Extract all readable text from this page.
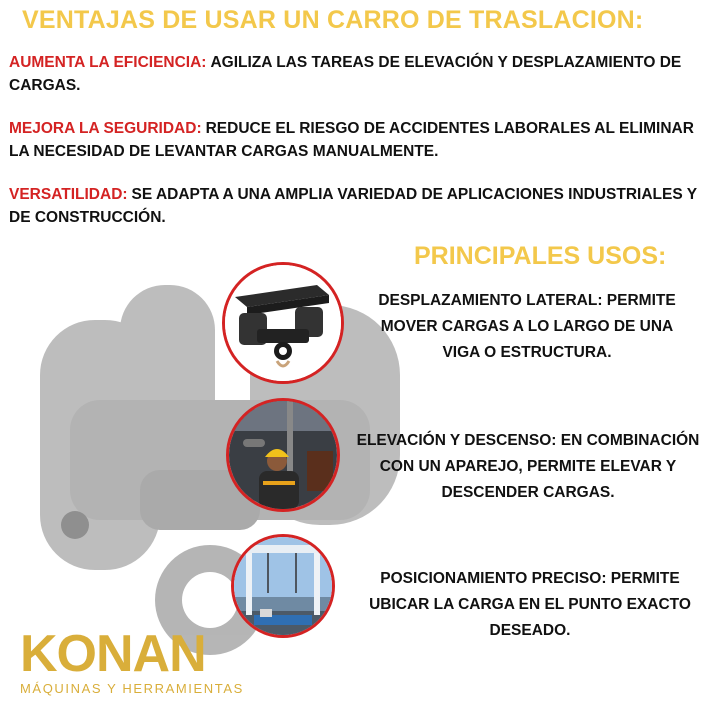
VENTAJAS DE USAR UN CARRO DE TRASLACION:
AUMENTA LA EFICIENCIA: AGILIZA LAS TAREAS DE ELEVACIÓN Y DESPLAZAMIENTO DE CARGAS.
MEJORA LA SEGURIDAD: REDUCE EL RIESGO DE ACCIDENTES LABORALES AL ELIMINAR LA NECESIDAD DE LEVANTAR CARGAS MANUALMENTE.
VERSATILIDAD: SE ADAPTA A UNA AMPLIA VARIEDAD DE APLICACIONES INDUSTRIALES Y DE CONSTRUCCIÓN.
PRINCIPALES USOS:
DESPLAZAMIENTO LATERAL: PERMITE MOVER CARGAS A LO LARGO DE UNA VIGA O ESTRUCTURA.
ELEVACIÓN Y DESCENSO: EN COMBINACIÓN CON UN APAREJO, PERMITE ELEVAR Y DESCENDER CARGAS.
POSICIONAMIENTO PRECISO: PERMITE UBICAR LA CARGA EN EL PUNTO EXACTO DESEADO.
KONAN
MÁQUINAS Y HERRAMIENTAS
